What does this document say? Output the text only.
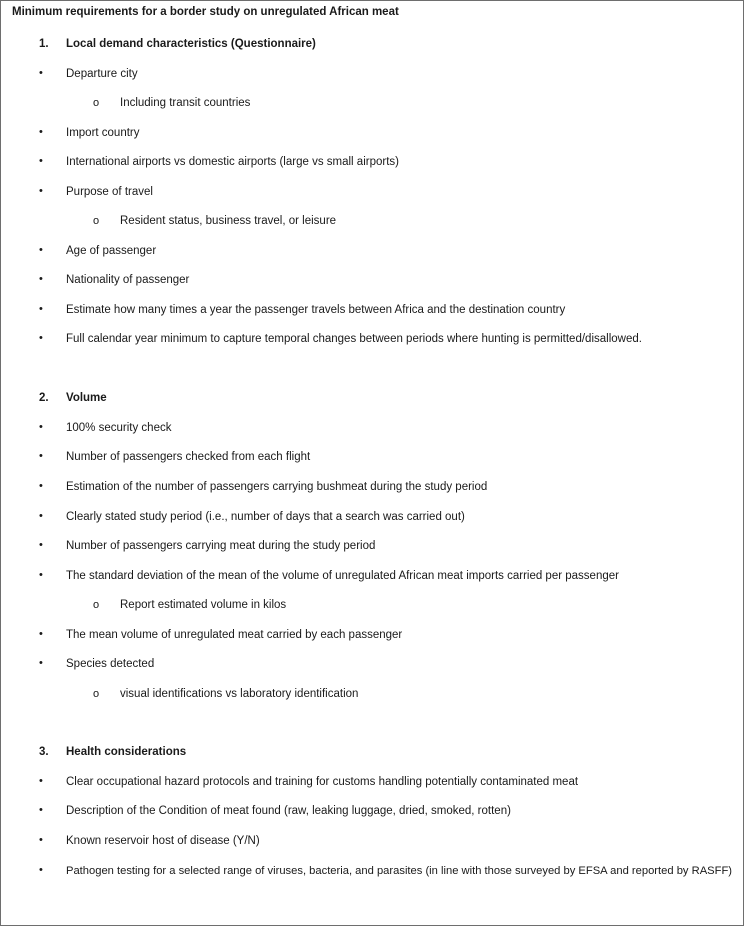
Minimum requirements for a border study on unregulated African meat
1. Local demand characteristics (Questionnaire)
• Departure city
o Including transit countries
• Import country
• International airports vs domestic airports (large vs small airports)
• Purpose of travel
o Resident status, business travel, or leisure
• Age of passenger
• Nationality of passenger
• Estimate how many times a year the passenger travels between Africa and the destination country
• Full calendar year minimum to capture temporal changes between periods where hunting is permitted/disallowed.
2. Volume
• 100% security check
• Number of passengers checked from each flight
• Estimation of the number of passengers carrying bushmeat during the study period
• Clearly stated study period (i.e., number of days that a search was carried out)
• Number of passengers carrying meat during the study period
• The standard deviation of the mean of the volume of unregulated African meat imports carried per passenger
o Report estimated volume in kilos
• The mean volume of unregulated meat carried by each passenger
• Species detected
o visual identifications vs laboratory identification
3. Health considerations
• Clear occupational hazard protocols and training for customs handling potentially contaminated meat
• Description of the Condition of meat found (raw, leaking luggage, dried, smoked, rotten)
• Known reservoir host of disease (Y/N)
• Pathogen testing for a selected range of viruses, bacteria, and parasites (in line with those surveyed by EFSA and reported by RASFF)
